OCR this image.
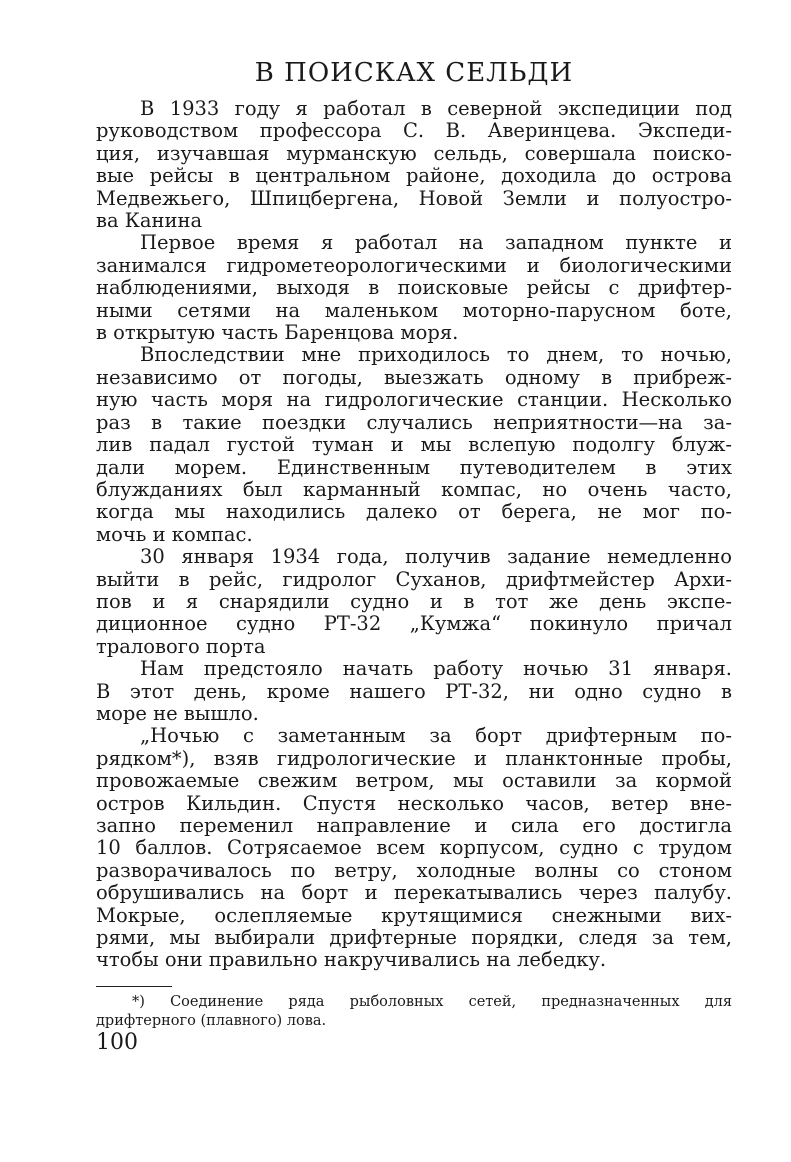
В ПОИСКАХ СЕЛЬДИ

В 1933 году я работал в северной экспедиции под
руководством профессора С. В. Аверинцева. Экспеди-
ция, изучавшая мурманскую сельдь, совершала поиско-
вые рейсы в центральном районе, доходила до острова
Медвежьего, Шпицбергена, Новой Земли и полуостро-
ва Канина

Первое время я работал на западном пункте и
занимался гидрометеорологическими и биологическими
наблюдениями, выходя в поисковые рейсы с дрифтер-
ными сетями на маленьком моторно-парусном боте,
в открытую часть Баренцова моря.

Впоследствии мне приходилось то днем, то ночью,
независимо от погоды, выезжать одному в прибреж-
ную часть моря на гидрологические станции. Несколько
раз в такие поездки случались неприятности—на за-
лив падал густой туман и мы вслепую подолгу блуж-
дали морем. Единственным путеводителем в этих
блужданиях был карманный компас, но очень часто,
когда мы находились далеко от берега, не мог по-
мочь и компас.

30 января 1934 года, получив задание немедленно
выйти в рейс, гидролог Суханов, дрифтмейстер Архи-
пов и я снарядили судно и в тот же день экспе-
диционное судно РТ-32 „Кумжа“ покинуло причал
тралового порта

Нам предстояло начать работу ночью 31 января.
В этот день, кроме нашего РТ-32, ни одно судно в
море не вышло.

„Ночью с заметанным за борт дрифтерным по-
рядком*), взяв гидрологические и планктонные пробы,
провожаемые свежим ветром, мы оставили за кормой
остров Кильдин. Спустя несколько часов, ветер вне-
запно переменил направление и сила его достигла
10 баллов. Сотрясаемое всем корпусом, судно с трудом
разворачивалось по ветру, холодные волны со стоном
обрушивались на борт и перекатывались через палубу.
Мокрые, ослепляемые крутящимися снежными вих-
рями, мы выбирали дрифтерные порядки, следя за тем,
чтобы они правильно накручивались на лебедку.

*) Соединение ряда рыболовных сетей, предназначенных для
дрифтерного (плавного) лова.

100
